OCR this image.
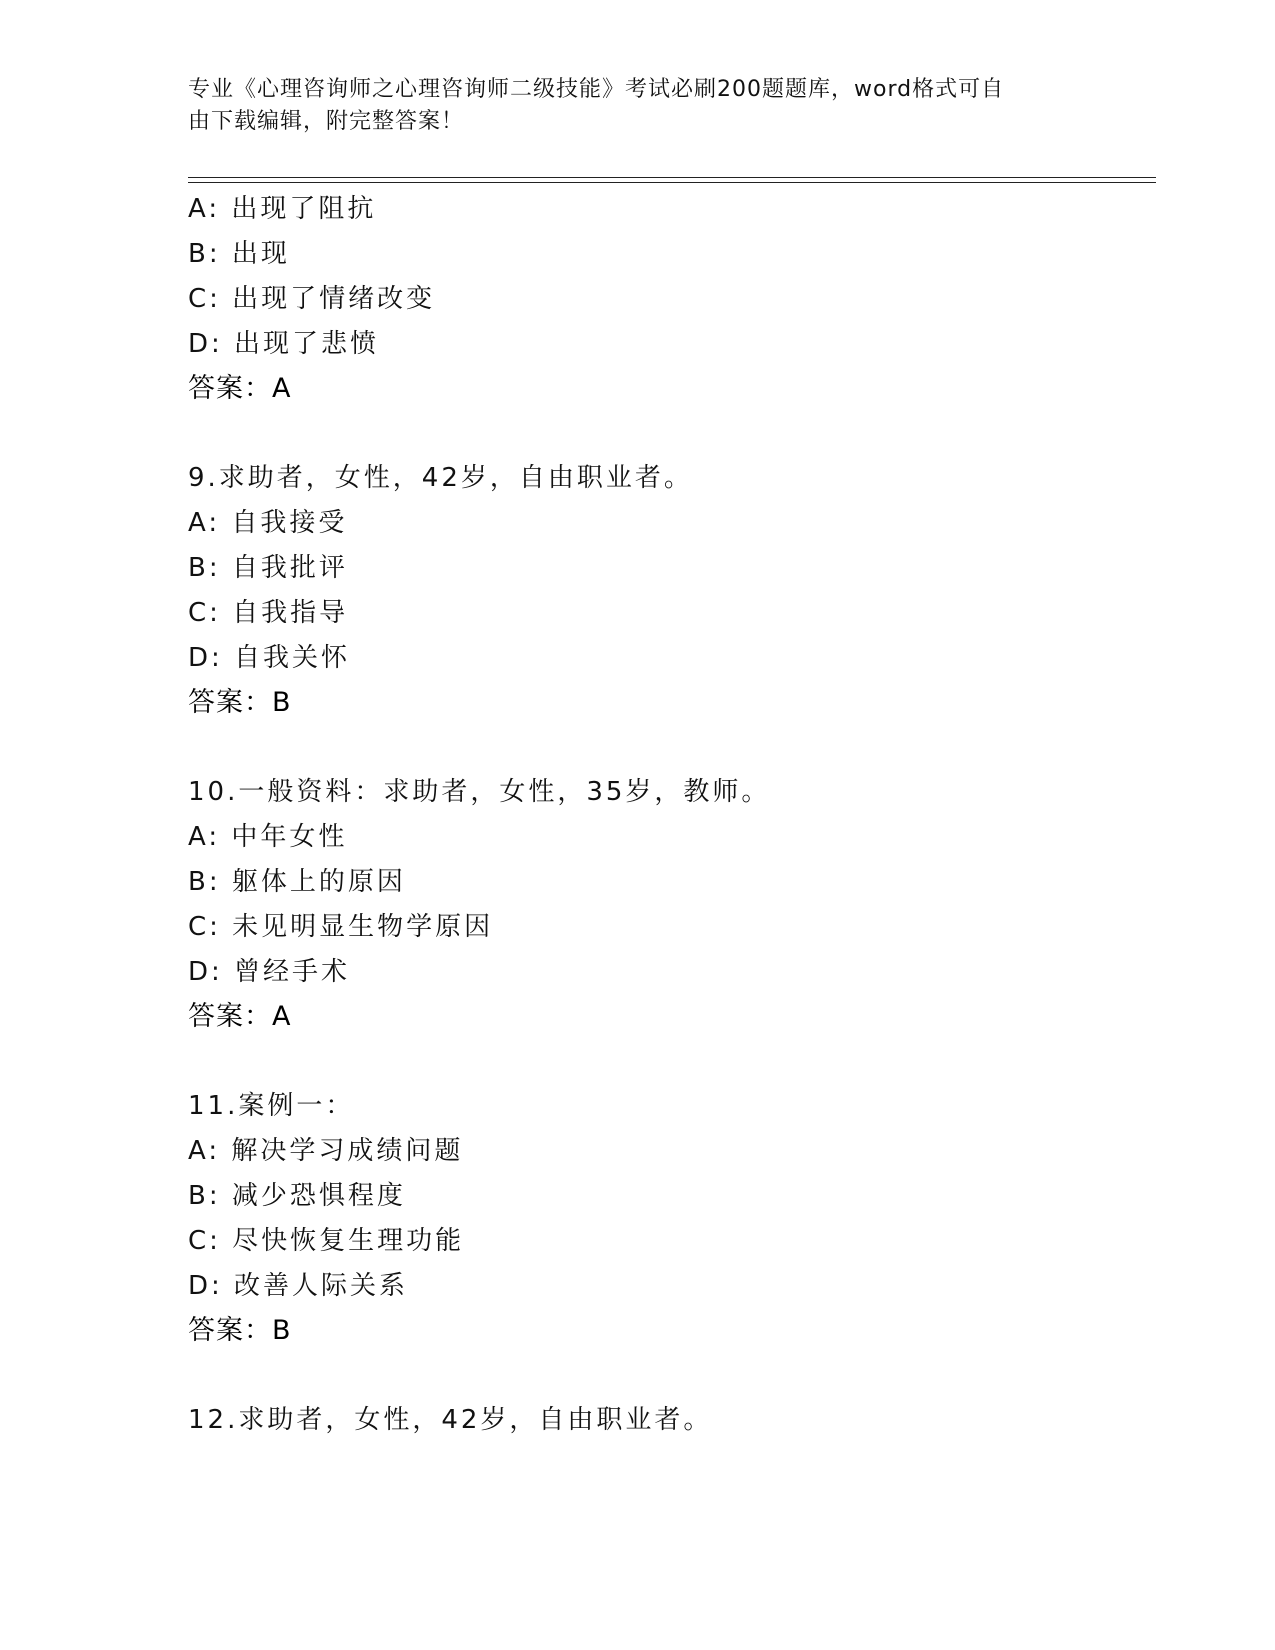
专业《心理咨询师之心理咨询师二级技能》考试必刷200题题库，word格式可自
由下载编辑，附完整答案！
A: 出现了阻抗
B: 出现
C: 出现了情绪改变
D: 出现了悲愤
答案：A
9.求助者，女性，42岁，自由职业者。
A: 自我接受
B: 自我批评
C: 自我指导
D: 自我关怀
答案：B
10.一般资料：求助者，女性，35岁，教师。
A: 中年女性
B: 躯体上的原因
C: 未见明显生物学原因
D: 曾经手术
答案：A
11.案例一：
A: 解决学习成绩问题
B: 减少恐惧程度
C: 尽快恢复生理功能
D: 改善人际关系
答案：B
12.求助者，女性，42岁，自由职业者。
